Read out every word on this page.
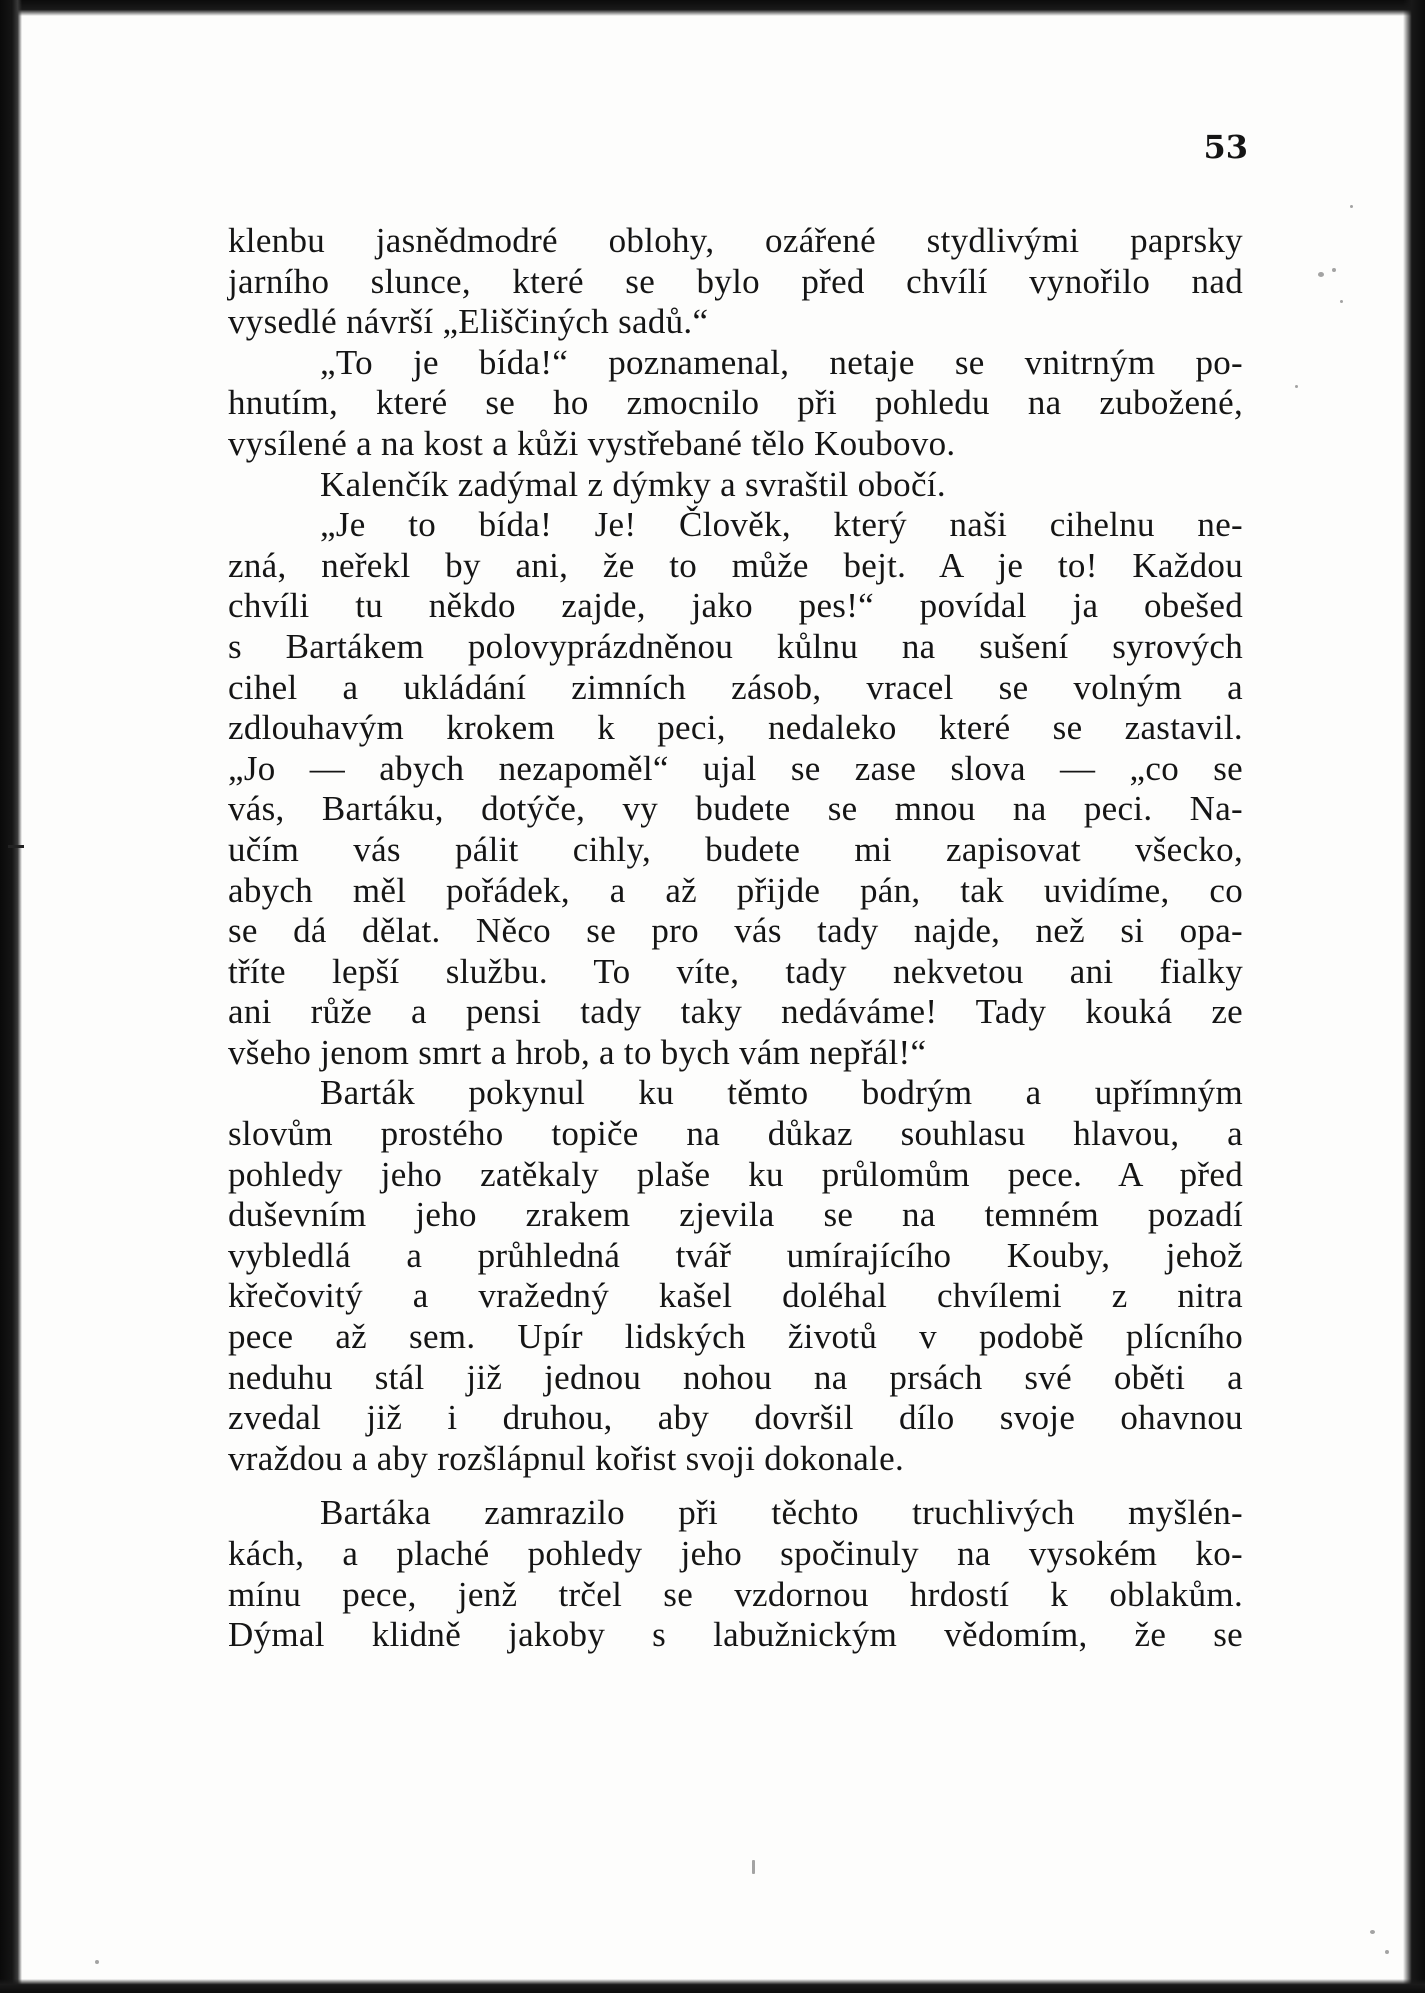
53
klenbu jasnědmodré oblohy, ozářené stydlivými paprsky
jarního slunce, které se bylo před chvílí vynořilo nad
vysedlé návrší „Eliščiných sadů.“
„To je bída!“ poznamenal, netaje se vnitrným po-
hnutím, které se ho zmocnilo při pohledu na zubožené,
vysílené a na kost a kůži vystřebané tělo Koubovo.
Kalenčík zadýmal z dýmky a svraštil obočí.
„Je to bída! Je! Člověk, který naši cihelnu ne-
zná, neřekl by ani, že to může bejt. A je to! Každou
chvíli tu někdo zajde, jako pes!“ povídal ja obešed
s Bartákem polovyprázdněnou kůlnu na sušení syrových
cihel a ukládání zimních zásob, vracel se volným a
zdlouhavým krokem k peci, nedaleko které se zastavil.
„Jo — abych nezapoměl“ ujal se zase slova — „co se
vás, Bartáku, dotýče, vy budete se mnou na peci. Na-
učím vás pálit cihly, budete mi zapisovat všecko,
abych měl pořádek, a až přijde pán, tak uvidíme, co
se dá dělat. Něco se pro vás tady najde, než si opa-
tříte lepší službu. To víte, tady nekvetou ani fialky
ani růže a pensi tady taky nedáváme! Tady kouká ze
všeho jenom smrt a hrob, a to bych vám nepřál!“
Barták pokynul ku těmto bodrým a upřímným
slovům prostého topiče na důkaz souhlasu hlavou, a
pohledy jeho zatěkaly plaše ku průlomům pece. A před
duševním jeho zrakem zjevila se na temném pozadí
vybledlá a průhledná tvář umírajícího Kouby, jehož
křečovitý a vražedný kašel doléhal chvílemi z nitra
pece až sem. Upír lidských životů v podobě plícního
neduhu stál již jednou nohou na prsách své oběti a
zvedal již i druhou, aby dovršil dílo svoje ohavnou
vraždou a aby rozšlápnul kořist svoji dokonale.
Bartáka zamrazilo při těchto truchlivých myšlén-
kách, a plaché pohledy jeho spočinuly na vysokém ko-
mínu pece, jenž trčel se vzdornou hrdostí k oblakům.
Dýmal klidně jakoby s labužnickým vědomím, že se
